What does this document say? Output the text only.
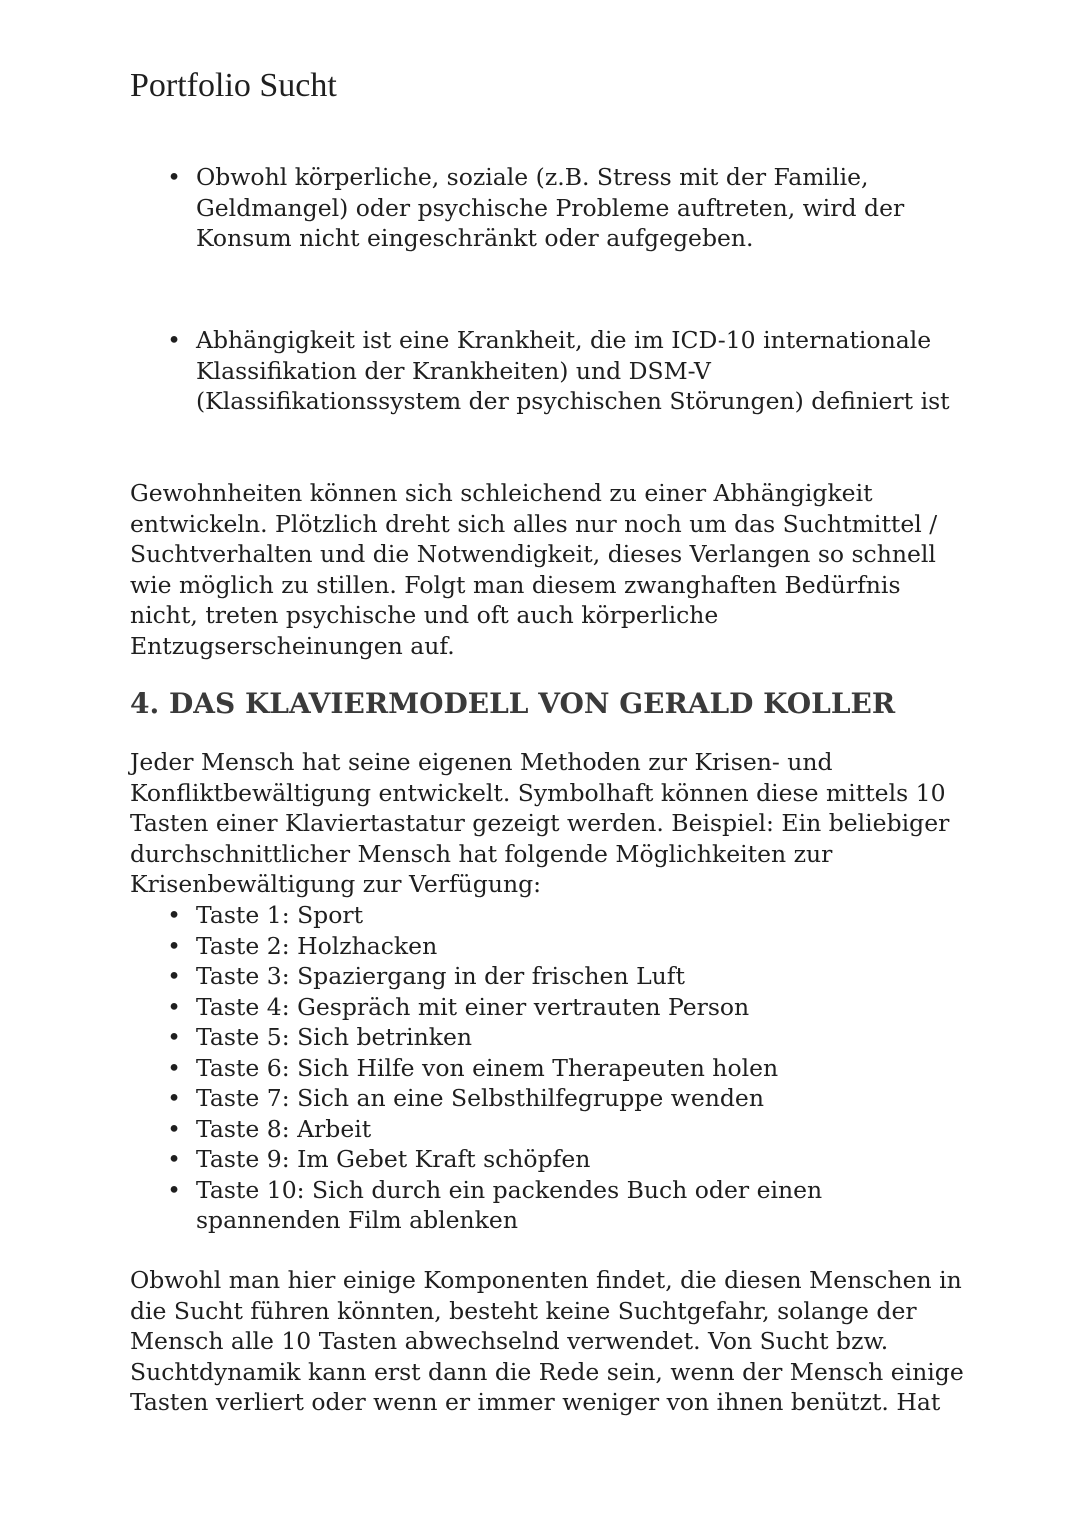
Portfolio Sucht
• Obwohl körperliche, soziale (z.B. Stress mit der Familie,
Geldmangel) oder psychische Probleme auftreten, wird der
Konsum nicht eingeschränkt oder aufgegeben.
• Abhängigkeit ist eine Krankheit, die im ICD-10 internationale
Klassifikation der Krankheiten) und DSM-V
(Klassifikationssystem der psychischen Störungen) definiert ist

Gewohnheiten können sich schleichend zu einer Abhängigkeit
entwickeln. Plötzlich dreht sich alles nur noch um das Suchtmittel /
Suchtverhalten und die Notwendigkeit, dieses Verlangen so schnell
wie möglich zu stillen. Folgt man diesem zwanghaften Bedürfnis
nicht, treten psychische und oft auch körperliche
Entzugserscheinungen auf.

4. DAS KLAVIERMODELL VON GERALD KOLLER

Jeder Mensch hat seine eigenen Methoden zur Krisen- und
Konfliktbewältigung entwickelt. Symbolhaft können diese mittels 10
Tasten einer Klaviertastatur gezeigt werden. Beispiel: Ein beliebiger
durchschnittlicher Mensch hat folgende Möglichkeiten zur
Krisenbewältigung zur Verfügung:

• Taste 1: Sport
• Taste 2: Holzhacken
• Taste 3: Spaziergang in der frischen Luft
• Taste 4: Gespräch mit einer vertrauten Person
• Taste 5: Sich betrinken
• Taste 6: Sich Hilfe von einem Therapeuten holen
• Taste 7: Sich an eine Selbsthilfegruppe wenden
• Taste 8: Arbeit
• Taste 9: Im Gebet Kraft schöpfen
• Taste 10: Sich durch ein packendes Buch oder einen
spannenden Film ablenken

Obwohl man hier einige Komponenten findet, die diesen Menschen in
die Sucht führen könnten, besteht keine Suchtgefahr, solange der
Mensch alle 10 Tasten abwechselnd verwendet. Von Sucht bzw.
Suchtdynamik kann erst dann die Rede sein, wenn der Mensch einige
Tasten verliert oder wenn er immer weniger von ihnen benützt. Hat
